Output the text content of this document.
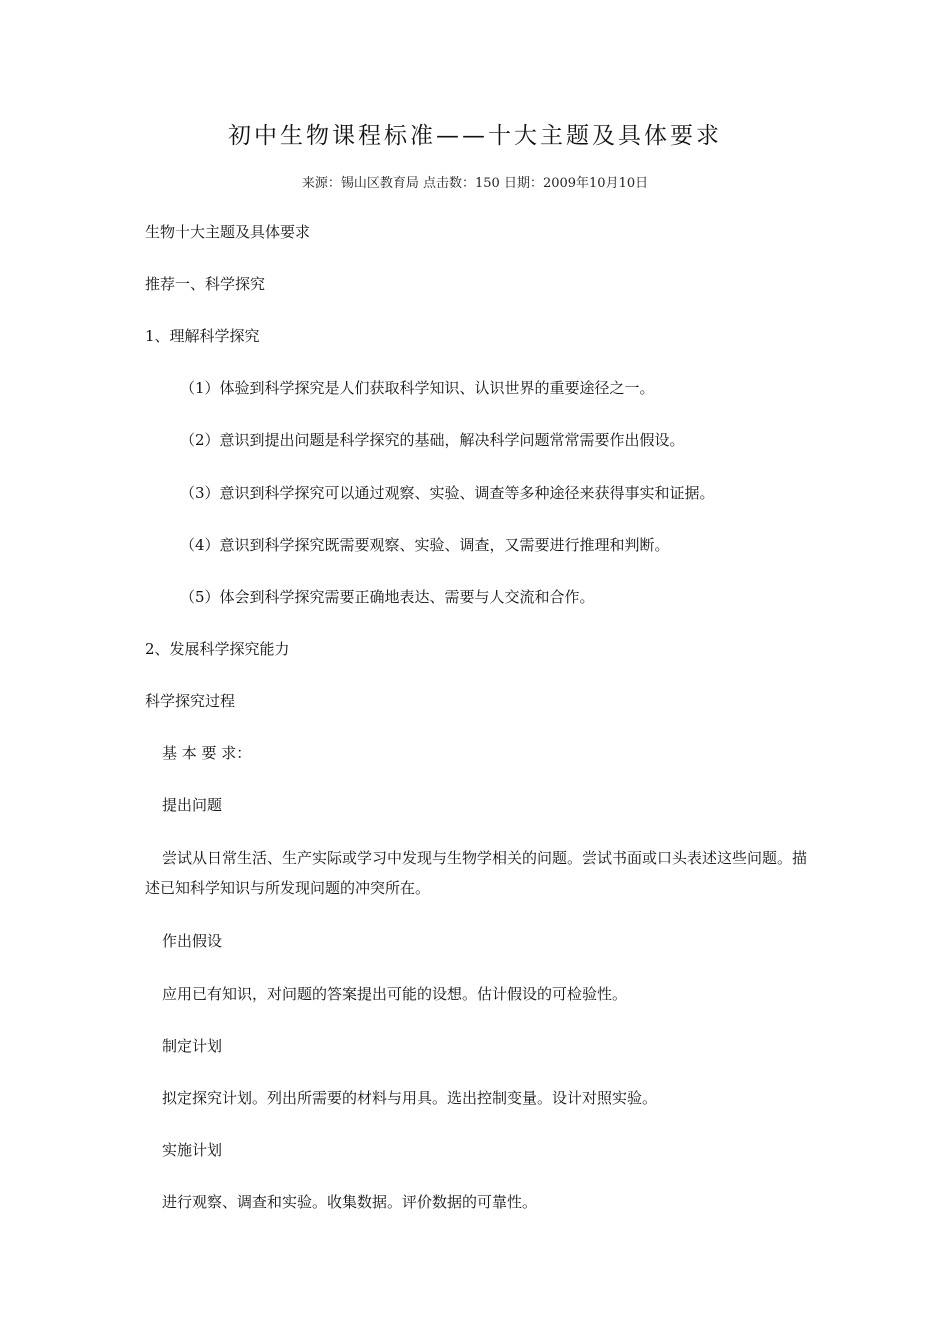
初中生物课程标准——十大主题及具体要求
来源：锡山区教育局 点击数：150 日期：2009年10月10日
生物十大主题及具体要求
推荐一、科学探究
1、理解科学探究
（1）体验到科学探究是人们获取科学知识、认识世界的重要途径之一。
（2）意识到提出问题是科学探究的基础，解决科学问题常常需要作出假设。
（3）意识到科学探究可以通过观察、实验、调查等多种途径来获得事实和证据。
（4）意识到科学探究既需要观察、实验、调查，又需要进行推理和判断。
（5）体会到科学探究需要正确地表达、需要与人交流和合作。
2、发展科学探究能力
科学探究过程
基 本 要 求：
提出问题
尝试从日常生活、生产实际或学习中发现与生物学相关的问题。尝试书面或口头表述这些问题。描述已知科学知识与所发现问题的冲突所在。
作出假设
应用已有知识，对问题的答案提出可能的设想。估计假设的可检验性。
制定计划
拟定探究计划。列出所需要的材料与用具。选出控制变量。设计对照实验。
实施计划
进行观察、调查和实验。收集数据。评价数据的可靠性。
